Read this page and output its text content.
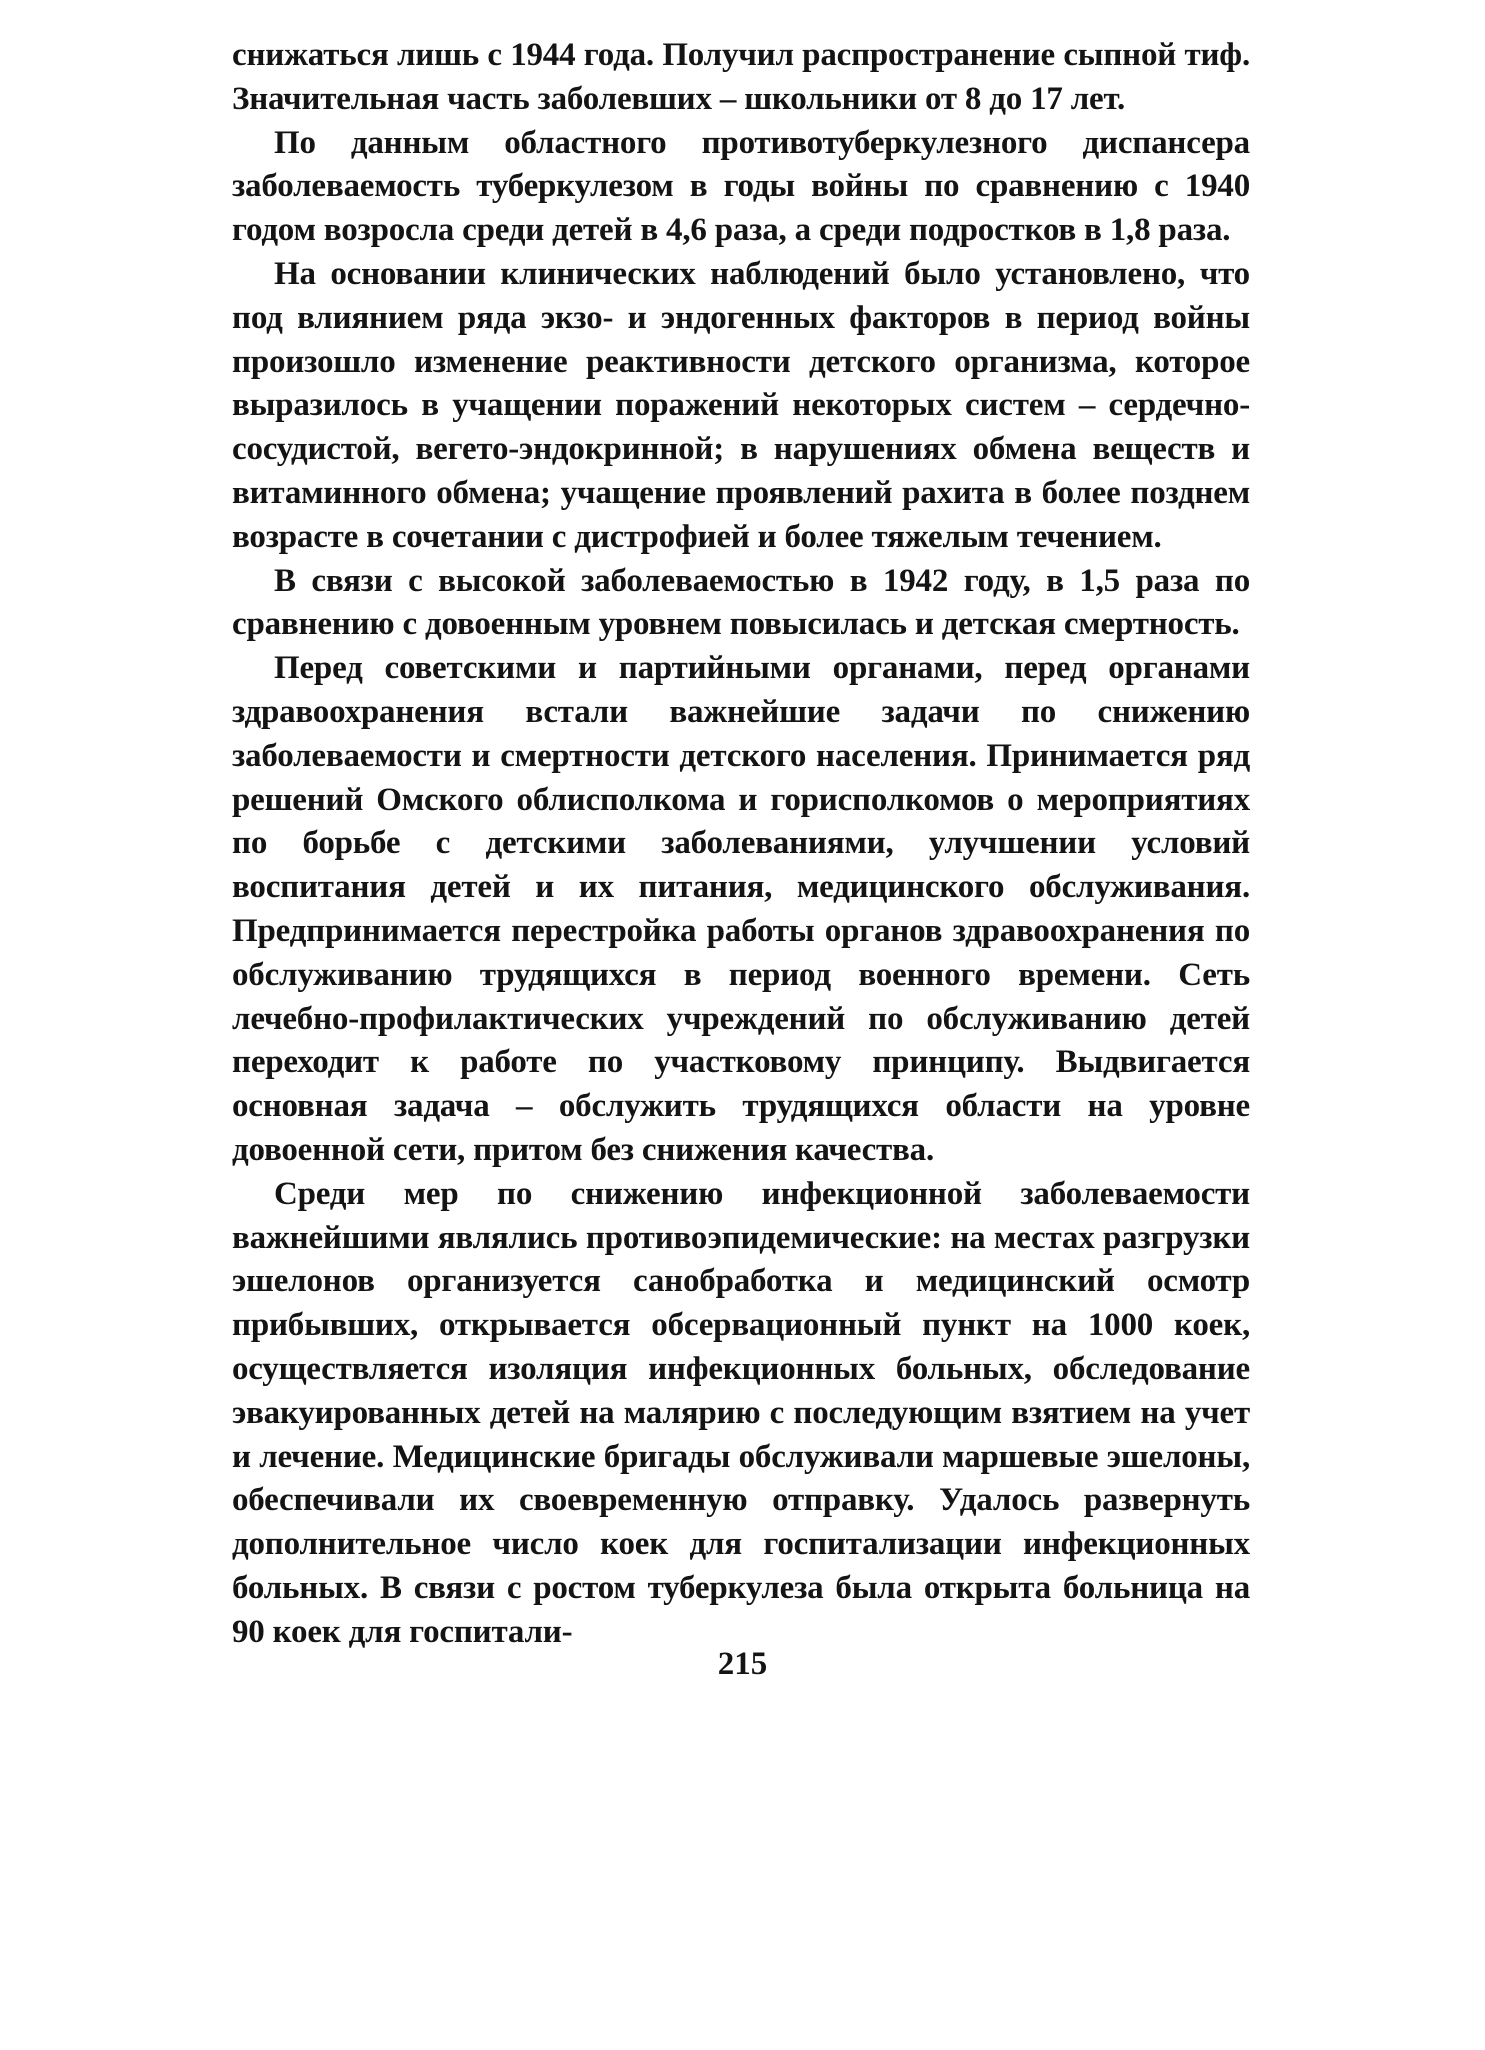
снижаться лишь с 1944 года. Получил распространение сыпной тиф. Значительная часть заболевших – школьники от 8 до 17 лет.

По данным областного противотуберкулезного диспансера заболеваемость туберкулезом в годы войны по сравнению с 1940 годом возросла среди детей в 4,6 раза, а среди подростков в 1,8 раза.

На основании клинических наблюдений было установлено, что под влиянием ряда экзо- и эндогенных факторов в период войны произошло изменение реактивности детского организма, которое выразилось в учащении поражений некоторых систем – сердечно-сосудистой, вегето-эндокринной; в нарушениях обмена веществ и витаминного обмена; учащение проявлений рахита в более позднем возрасте в сочетании с дистрофией и более тяжелым течением.

В связи с высокой заболеваемостью в 1942 году, в 1,5 раза по сравнению с довоенным уровнем повысилась и детская смертность.

Перед советскими и партийными органами, перед органами здравоохранения встали важнейшие задачи по снижению заболеваемости и смертности детского населения. Принимается ряд решений Омского облисполкома и горисполкомов о мероприятиях по борьбе с детскими заболеваниями, улучшении условий воспитания детей и их питания, медицинского обслуживания. Предпринимается перестройка работы органов здравоохранения по обслуживанию трудящихся в период военного времени. Сеть лечебно-профилактических учреждений по обслуживанию детей переходит к работе по участковому принципу. Выдвигается основная задача – обслужить трудящихся области на уровне довоенной сети, притом без снижения качества.

Среди мер по снижению инфекционной заболеваемости важнейшими являлись противоэпидемические: на местах разгрузки эшелонов организуется санобработка и медицинский осмотр прибывших, открывается обсервационный пункт на 1000 коек, осуществляется изоляция инфекционных больных, обследование эвакуированных детей на малярию с последующим взятием на учет и лечение. Медицинские бригады обслуживали маршевые эшелоны, обеспечивали их своевременную отправку. Удалось развернуть дополнительное число коек для госпитализации инфекционных больных. В связи с ростом туберкулеза была открыта больница на 90 коек для госпитали-

215
